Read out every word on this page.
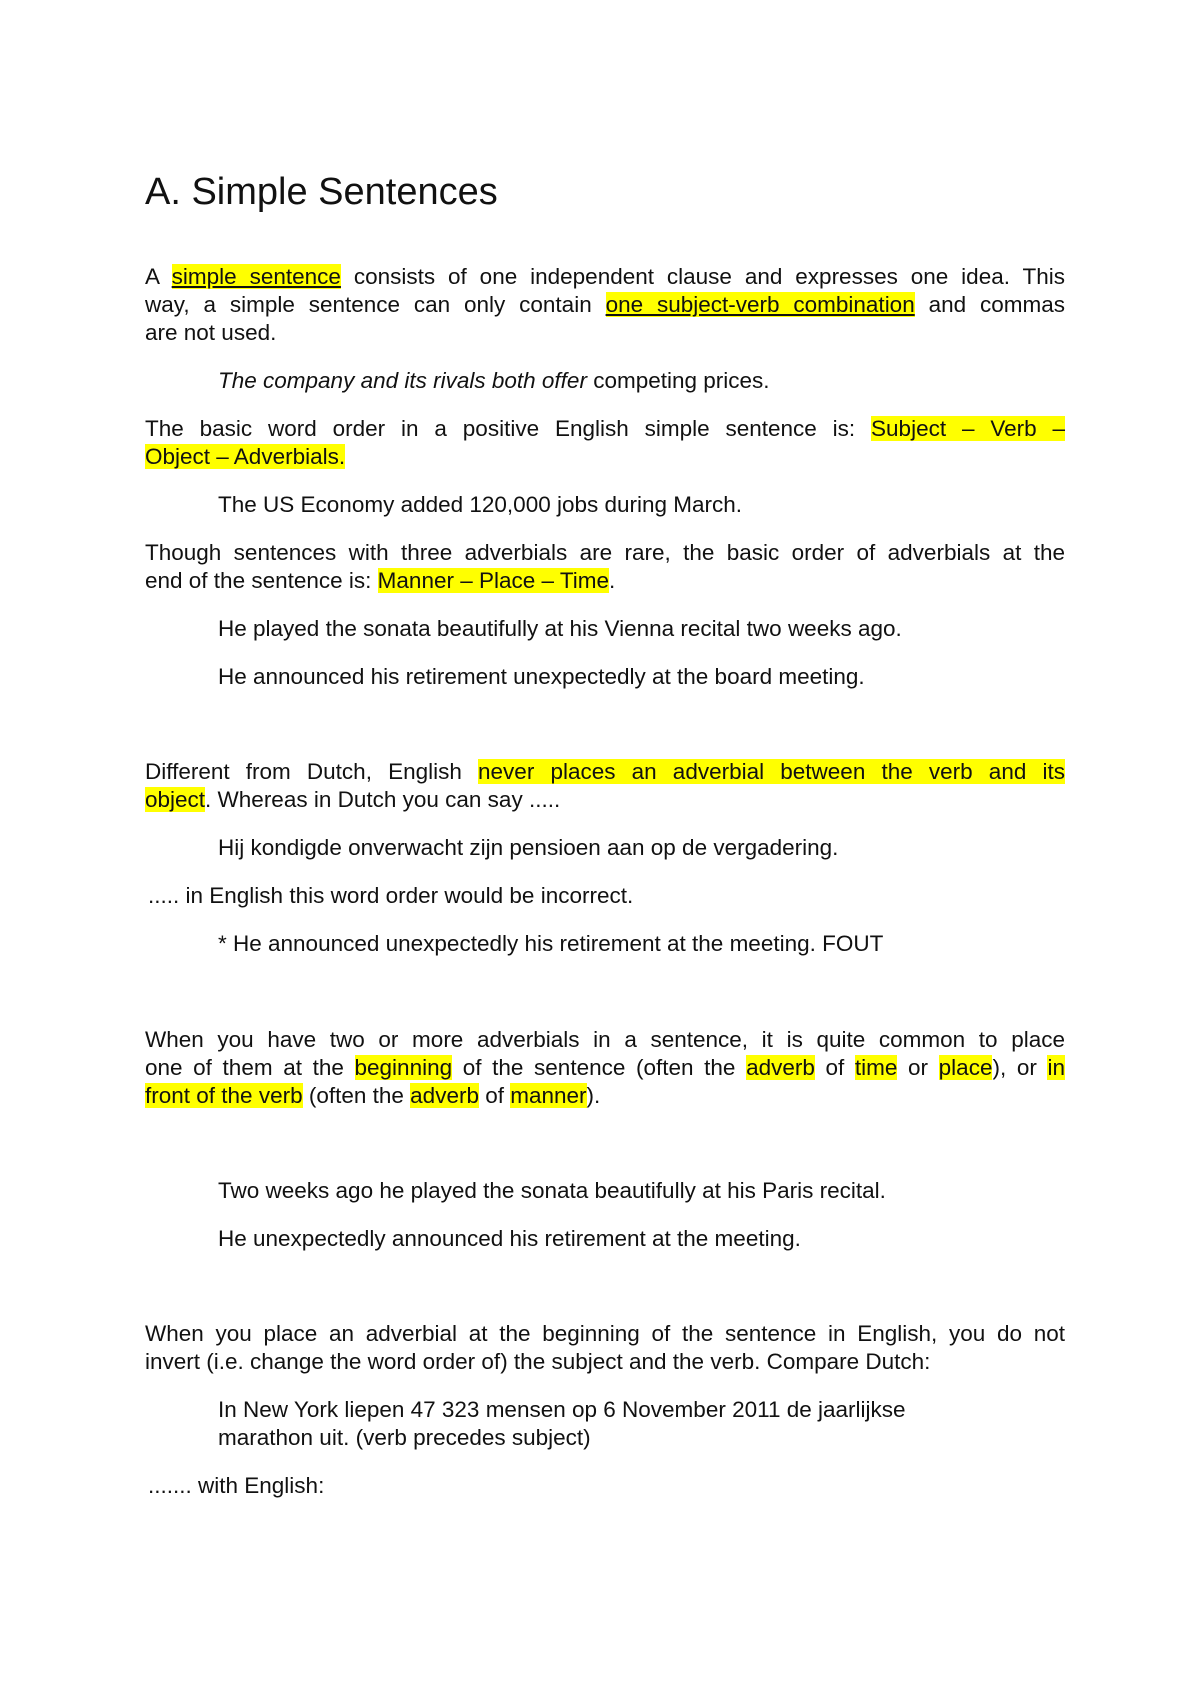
A. Simple Sentences
A simple sentence consists of one independent clause and expresses one idea. This
way, a simple sentence can only contain one subject-verb combination and commas
are not used.
The company and its rivals both offer competing prices.
The basic word order in a positive English simple sentence is: Subject – Verb –
Object – Adverbials.
The US Economy added 120,000 jobs during March.
Though sentences with three adverbials are rare, the basic order of adverbials at the
end of the sentence is: Manner – Place – Time.
He played the sonata beautifully at his Vienna recital two weeks ago.
He announced his retirement unexpectedly at the board meeting.
Different from Dutch, English never places an adverbial between the verb and its
object. Whereas in Dutch you can say .....
Hij kondigde onverwacht zijn pensioen aan op de vergadering.
..... in English this word order would be incorrect.
* He announced unexpectedly his retirement at the meeting. FOUT
When you have two or more adverbials in a sentence, it is quite common to place
one of them at the beginning of the sentence (often the adverb of time or place), or in
front of the verb (often the adverb of manner).
Two weeks ago he played the sonata beautifully at his Paris recital.
He unexpectedly announced his retirement at the meeting.
When you place an adverbial at the beginning of the sentence in English, you do not
invert (i.e. change the word order of) the subject and the verb. Compare Dutch:
In New York liepen 47 323 mensen op 6 November 2011 de jaarlijkse
marathon uit. (verb precedes subject)
....... with English:
